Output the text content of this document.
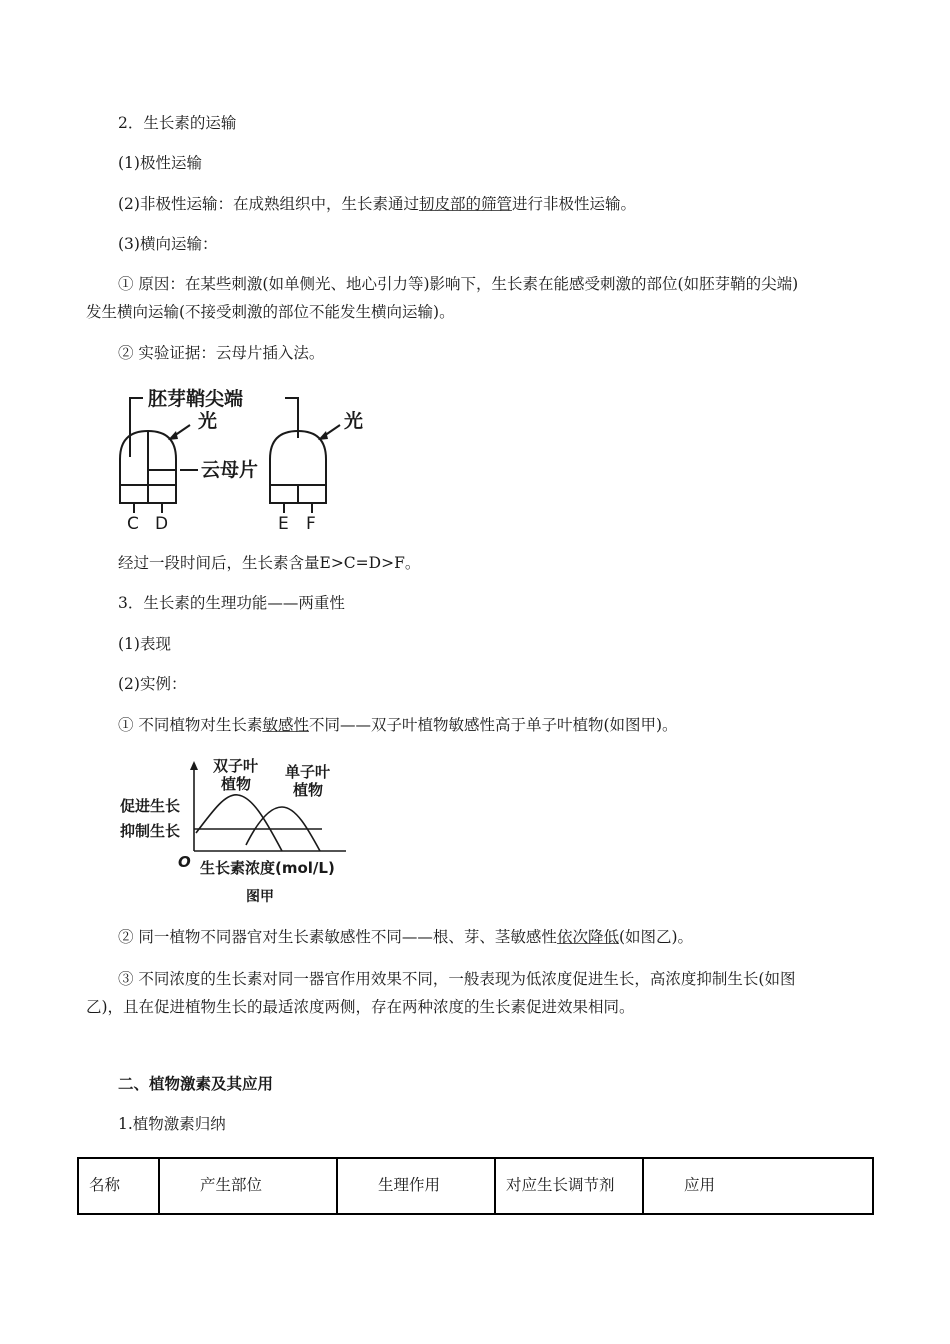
2．生长素的运输
(1)极性运输
(2)非极性运输：在成熟组织中，生长素通过韧皮部的筛管进行非极性运输。
(3)横向运输：
① 原因：在某些刺激(如单侧光、地心引力等)影响下，生长素在能感受刺激的部位(如胚芽鞘的尖端)
发生横向运输(不接受刺激的部位不能发生横向运输)。
② 实验证据：云母片插入法。
胚芽鞘尖端
光	光
云母片
C D	E F
经过一段时间后，生长素含量E>C=D>F。
3．生长素的生理功能——两重性
(1)表现
(2)实例：
① 不同植物对生长素敏感性不同——双子叶植物敏感性高于单子叶植物(如图甲)。
双子叶
植物
单子叶
植物
促进生长
抑制生长
O 生长素浓度(mol/L)
图甲
② 同一植物不同器官对生长素敏感性不同——根、芽、茎敏感性依次降低(如图乙)。
③ 不同浓度的生长素对同一器官作用效果不同，一般表现为低浓度促进生长，高浓度抑制生长(如图
乙)，且在促进植物生长的最适浓度两侧，存在两种浓度的生长素促进效果相同。
二、植物激素及其应用
1.植物激素归纳
名称	产生部位	生理作用	对应生长调节剂	应用
